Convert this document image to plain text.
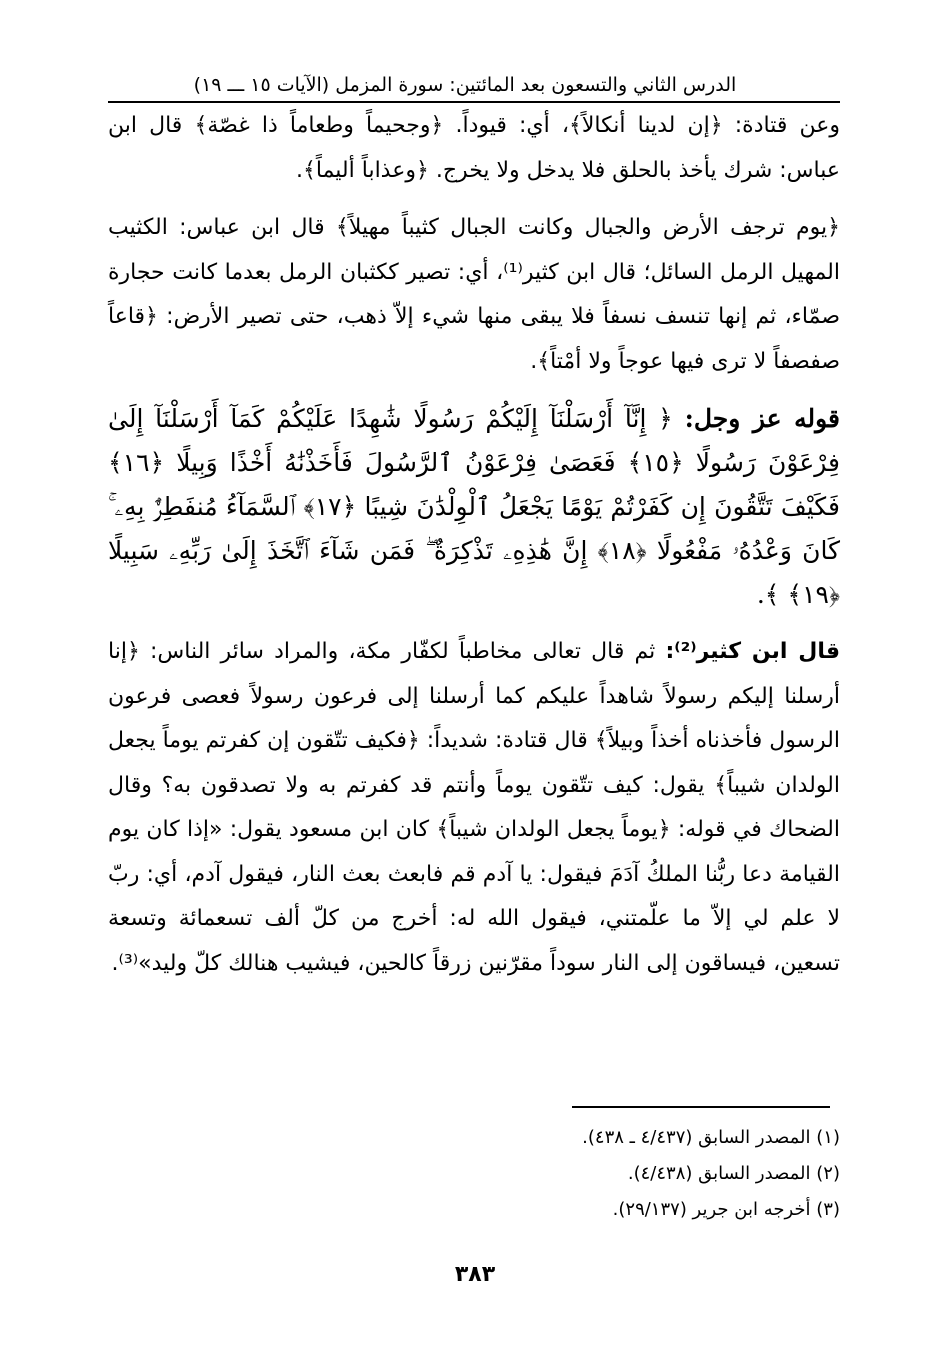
الدرس الثاني والتسعون بعد المائتين: سورة المزمل (الآيات ١٥ ـــ ١٩)

وعن قتادة: ﴿إن لدينا أنكالاً﴾، أي: قيوداً. ﴿وجحيماً وطعاماً ذا غصّة﴾ قال ابن عباس: شرك يأخذ بالحلق فلا يدخل ولا يخرج. ﴿وعذاباً أليماً﴾.

﴿يوم ترجف الأرض والجبال وكانت الجبال كثيباً مهيلاً﴾ قال ابن عباس: الكثيب المهيل الرمل السائل؛ قال ابن كثير⁽¹⁾، أي: تصير ككثبان الرمل بعدما كانت حجارة صمّاء، ثم إنها تنسف نسفاً فلا يبقى منها شيء إلاّ ذهب، حتى تصير الأرض: ﴿قاعاً صفصفاً لا ترى فيها عوجاً ولا أمْتاً﴾.

قوله عز وجل: ﴿ إِنَّآ أَرْسَلْنَآ إِلَيْكُمْ رَسُولًا شَٰهِدًا عَلَيْكُمْ كَمَآ أَرْسَلْنَآ إِلَىٰ فِرْعَوْنَ رَسُولًا ﴿١٥﴾ فَعَصَىٰ فِرْعَوْنُ ٱلرَّسُولَ فَأَخَذْنَٰهُ أَخْذًا وَبِيلًا ﴿١٦﴾ فَكَيْفَ تَتَّقُونَ إِن كَفَرْتُمْ يَوْمًا يَجْعَلُ ٱلْوِلْدَٰنَ شِيبًا ﴿١٧﴾ ٱلسَّمَآءُ مُنفَطِرٌۢ بِهِۦ ۚ كَانَ وَعْدُهُۥ مَفْعُولًا ﴿١٨﴾ إِنَّ هَٰذِهِۦ تَذْكِرَةٌ ۖ فَمَن شَآءَ ٱتَّخَذَ إِلَىٰ رَبِّهِۦ سَبِيلًا ﴿١٩﴾ ﴾.

قال ابن كثير⁽²⁾: ثم قال تعالى مخاطباً لكفّار مكة، والمراد سائر الناس: ﴿إنا أرسلنا إليكم رسولاً شاهداً عليكم كما أرسلنا إلى فرعون رسولاً فعصى فرعون الرسول فأخذناه أخذاً وبيلاً﴾ قال قتادة: شديداً: ﴿فكيف تتّقون إن كفرتم يوماً يجعل الولدان شيباً﴾ يقول: كيف تتّقون يوماً وأنتم قد كفرتم به ولا تصدقون به؟ وقال الضحاك في قوله: ﴿يوماً يجعل الولدان شيباً﴾ كان ابن مسعود يقول: «إذا كان يوم القيامة دعا ربُّنا الملكُ آدَمَ فيقول: يا آدم قم فابعث بعث النار، فيقول آدم، أي: ربّ لا علم لي إلاّ ما علّمتني، فيقول الله له: أخرج من كلّ ألف تسعمائة وتسعة تسعين، فيساقون إلى النار سوداً مقرّنين زرقاً كالحين، فيشيب هنالك كلّ وليد»⁽³⁾.

(١) المصدر السابق (٤/٤٣٧ ـ ٤٣٨).
(٢) المصدر السابق (٤/٤٣٨).
(٣) أخرجه ابن جرير (٢٩/١٣٧).
٣٨٣
